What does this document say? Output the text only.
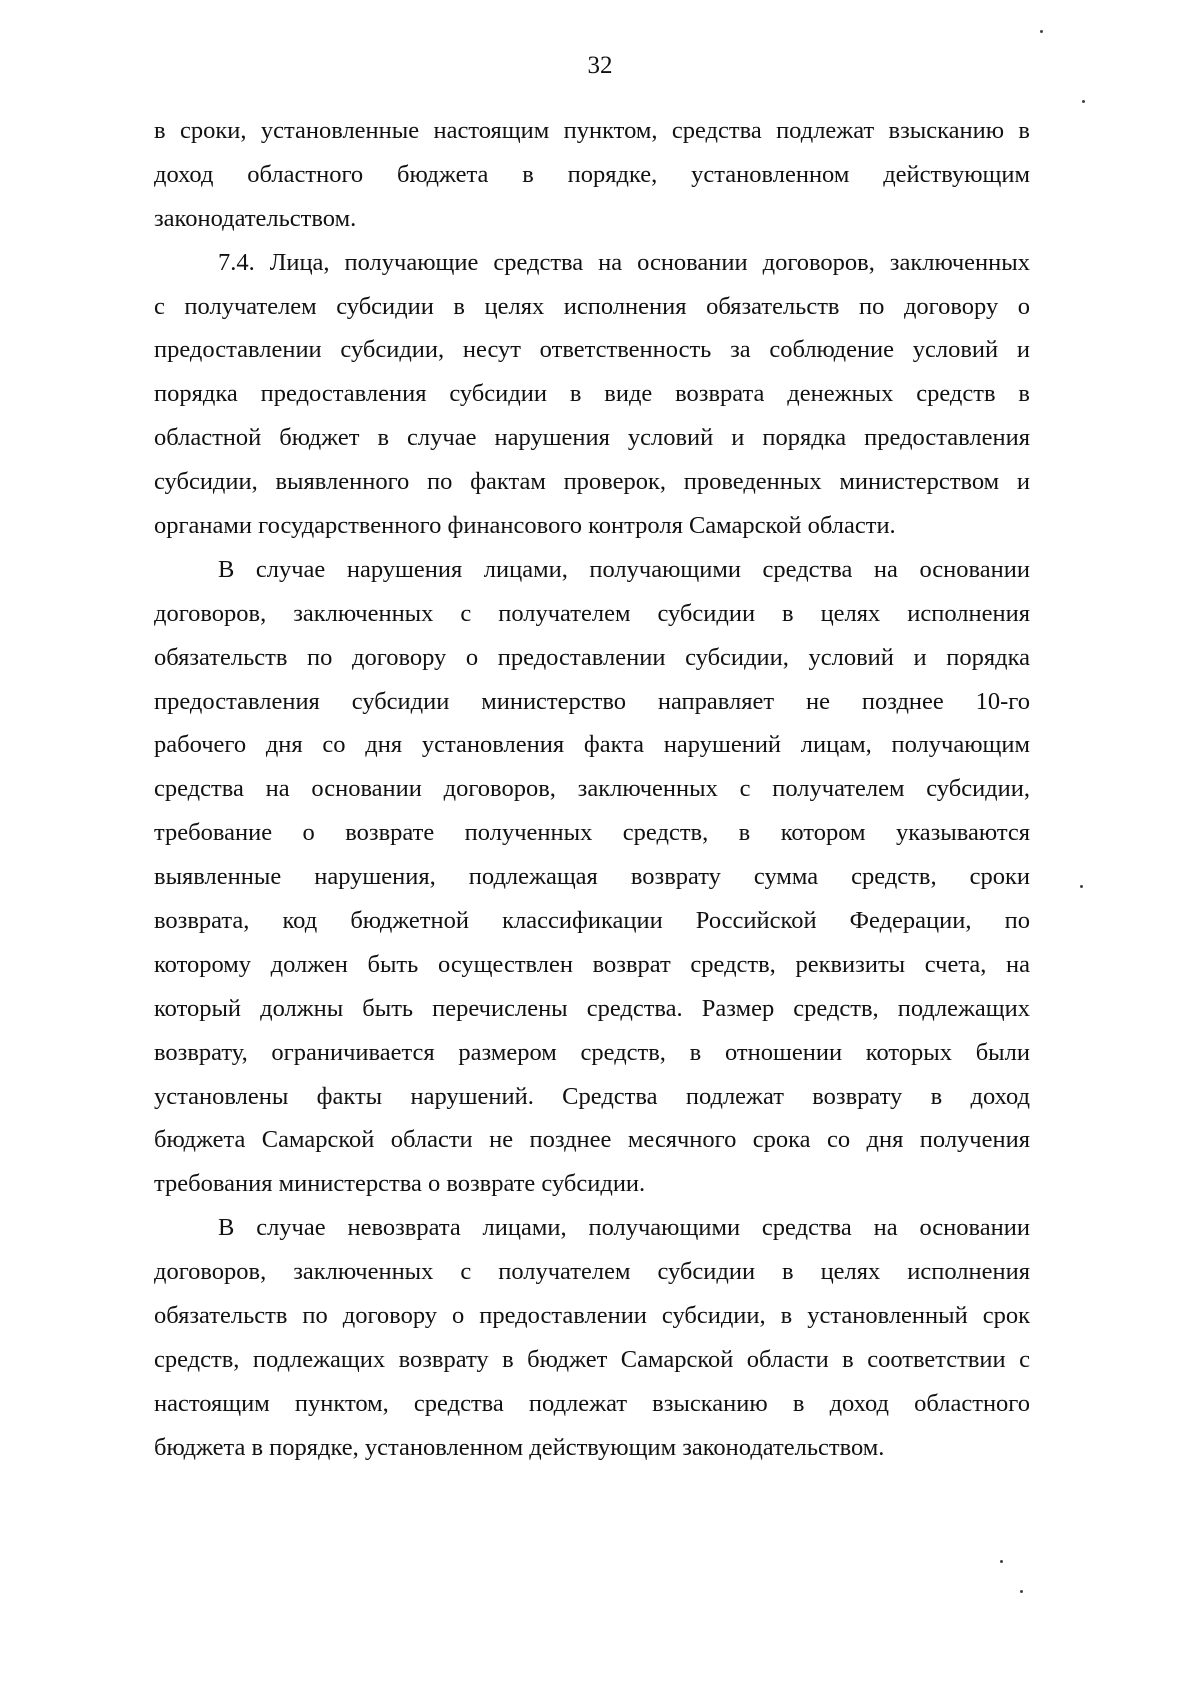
32
в сроки, установленные настоящим пунктом, средства подлежат взысканию в
доход областного бюджета в порядке, установленном действующим
законодательством.
7.4. Лица, получающие средства на основании договоров, заключенных
с получателем субсидии в целях исполнения обязательств по договору о
предоставлении субсидии, несут ответственность за соблюдение условий и
порядка предоставления субсидии в виде возврата денежных средств в
областной бюджет в случае нарушения условий и порядка предоставления
субсидии, выявленного по фактам проверок, проведенных министерством и
органами государственного финансового контроля Самарской области.
В случае нарушения лицами, получающими средства на основании
договоров, заключенных с получателем субсидии в целях исполнения
обязательств по договору о предоставлении субсидии, условий и порядка
предоставления субсидии министерство направляет не позднее 10-го
рабочего дня со дня установления факта нарушений лицам, получающим
средства на основании договоров, заключенных с получателем субсидии,
требование о возврате полученных средств, в котором указываются
выявленные нарушения, подлежащая возврату сумма средств, сроки
возврата, код бюджетной классификации Российской Федерации, по
которому должен быть осуществлен возврат средств, реквизиты счета, на
который должны быть перечислены средства. Размер средств, подлежащих
возврату, ограничивается размером средств, в отношении которых были
установлены факты нарушений. Средства подлежат возврату в доход
бюджета Самарской области не позднее месячного срока со дня получения
требования министерства о возврате субсидии.
В случае невозврата лицами, получающими средства на основании
договоров, заключенных с получателем субсидии в целях исполнения
обязательств по договору о предоставлении субсидии, в установленный срок
средств, подлежащих возврату в бюджет Самарской области в соответствии с
настоящим пунктом, средства подлежат взысканию в доход областного
бюджета в порядке, установленном действующим законодательством.
